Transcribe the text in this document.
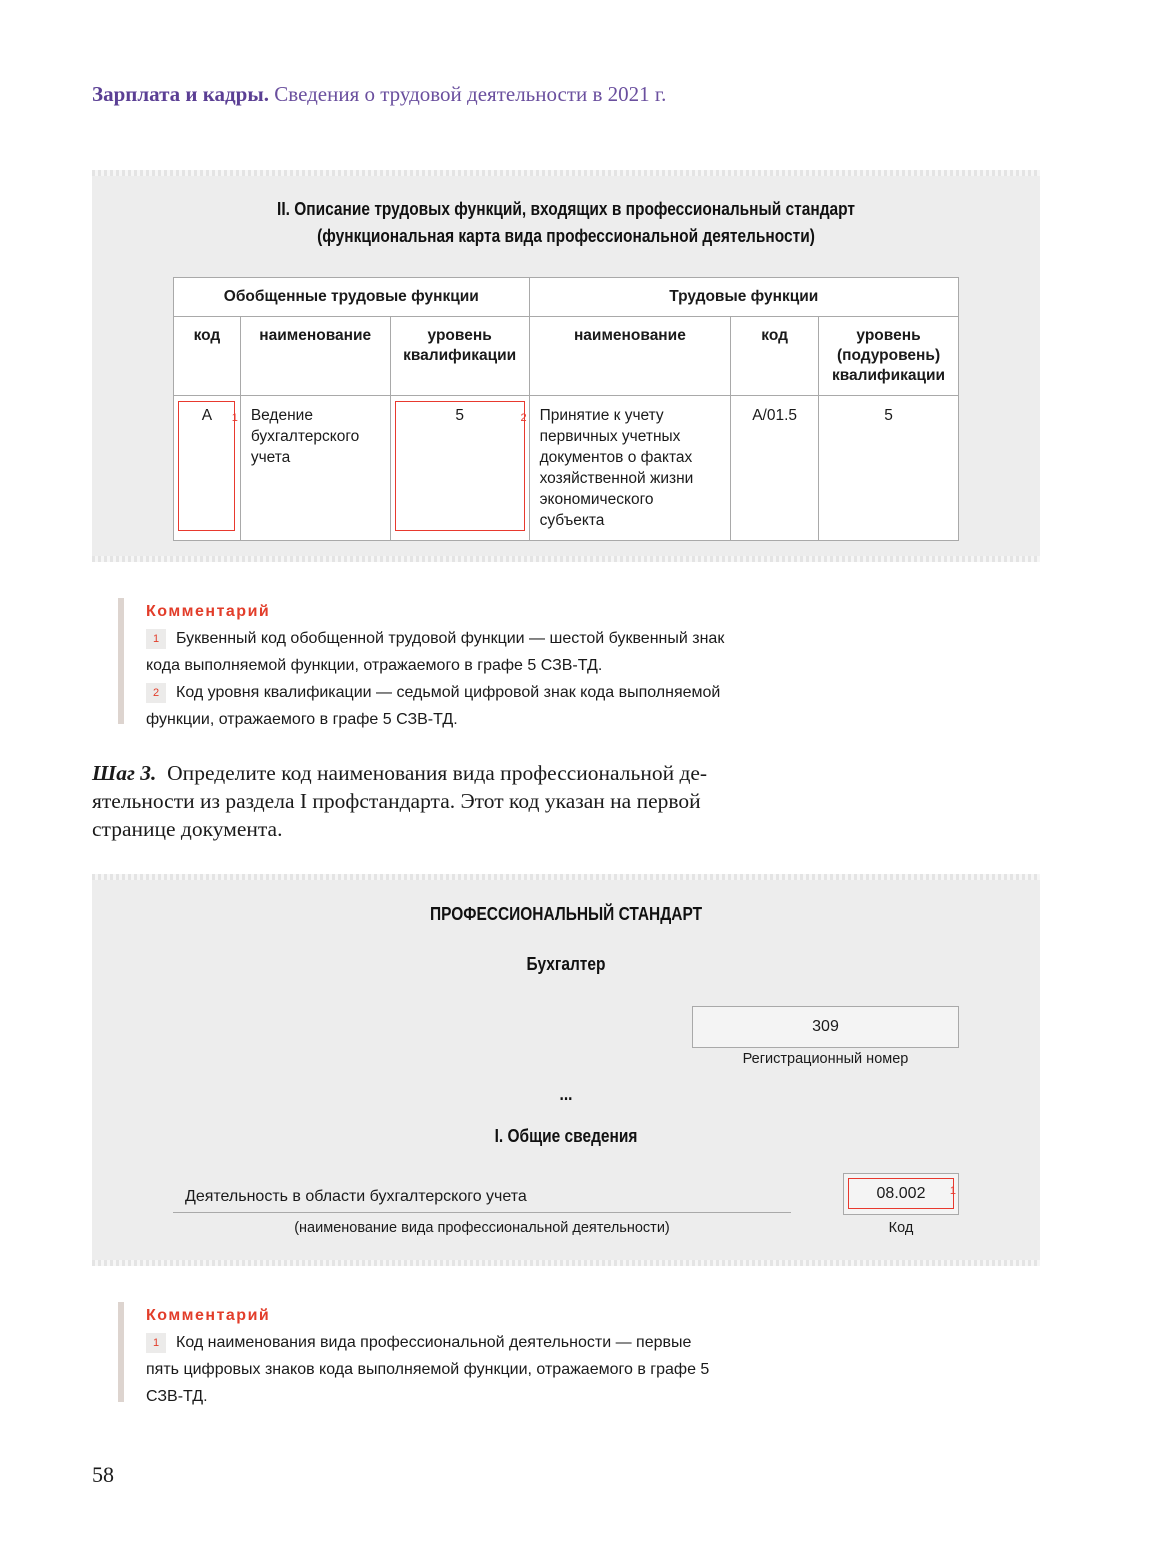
Зарплата и кадры. Сведения о трудовой деятельности в 2021 г.
II. Описание трудовых функций, входящих в профессиональный стандарт
(функциональная карта вида профессиональной деятельности)
Обобщенные трудовые функции			Трудовые функции		
код	наименование	уровень квалификации	наименование	код	уровень (подуровень) квалификации
А 1	Ведение бухгалтерского учета	5 2	Принятие к учету первичных учетных документов о фактах хозяйственной жизни экономического субъекта	А/01.5	5
Комментарий
1 Буквенный код обобщенной трудовой функции — шестой буквенный знак
кода выполняемой функции, отражаемого в графе 5 СЗВ-ТД.
2 Код уровня квалификации — седьмой цифровой знак кода выполняемой
функции, отражаемого в графе 5 СЗВ-ТД.
Шаг 3. Определите код наименования вида профессиональной де-
ятельности из раздела I профстандарта. Этот код указан на первой
странице документа.
ПРОФЕССИОНАЛЬНЫЙ СТАНДАРТ
Бухгалтер
309
Регистрационный номер
...
I. Общие сведения
Деятельность в области бухгалтерского учета
(наименование вида профессиональной деятельности)
08.002	1
Код
Комментарий
1 Код наименования вида профессиональной деятельности — первые
пять цифровых знаков кода выполняемой функции, отражаемого в графе 5
СЗВ-ТД.
58
